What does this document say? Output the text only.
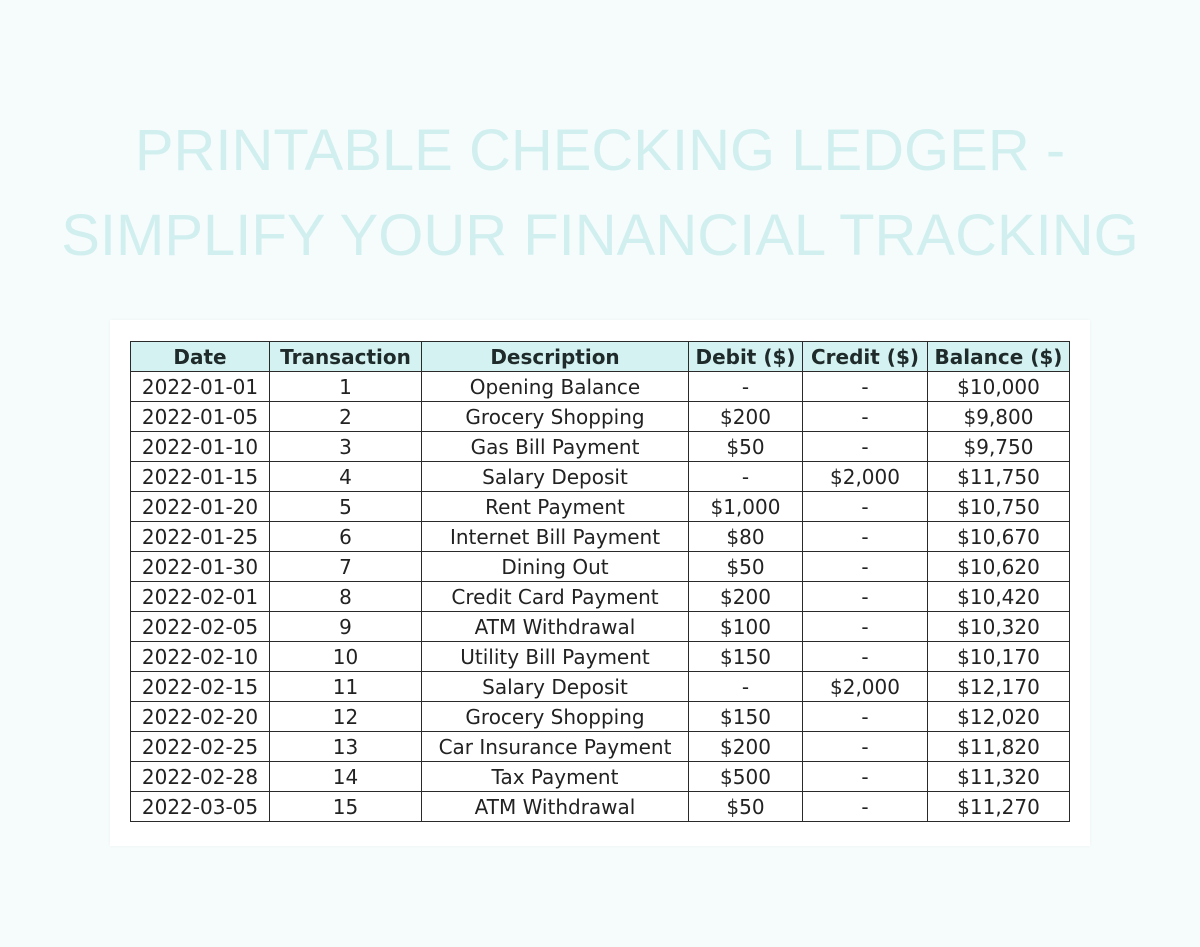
PRINTABLE CHECKING LEDGER -
SIMPLIFY YOUR FINANCIAL TRACKING
Date	Transaction	Description	Debit ($)	Credit ($)	Balance ($)
2022-01-01	1	Opening Balance	-	-	$10,000
2022-01-05	2	Grocery Shopping	$200	-	$9,800
2022-01-10	3	Gas Bill Payment	$50	-	$9,750
2022-01-15	4	Salary Deposit	-	$2,000	$11,750
2022-01-20	5	Rent Payment	$1,000	-	$10,750
2022-01-25	6	Internet Bill Payment	$80	-	$10,670
2022-01-30	7	Dining Out	$50	-	$10,620
2022-02-01	8	Credit Card Payment	$200	-	$10,420
2022-02-05	9	ATM Withdrawal	$100	-	$10,320
2022-02-10	10	Utility Bill Payment	$150	-	$10,170
2022-02-15	11	Salary Deposit	-	$2,000	$12,170
2022-02-20	12	Grocery Shopping	$150	-	$12,020
2022-02-25	13	Car Insurance Payment	$200	-	$11,820
2022-02-28	14	Tax Payment	$500	-	$11,320
2022-03-05	15	ATM Withdrawal	$50	-	$11,270
